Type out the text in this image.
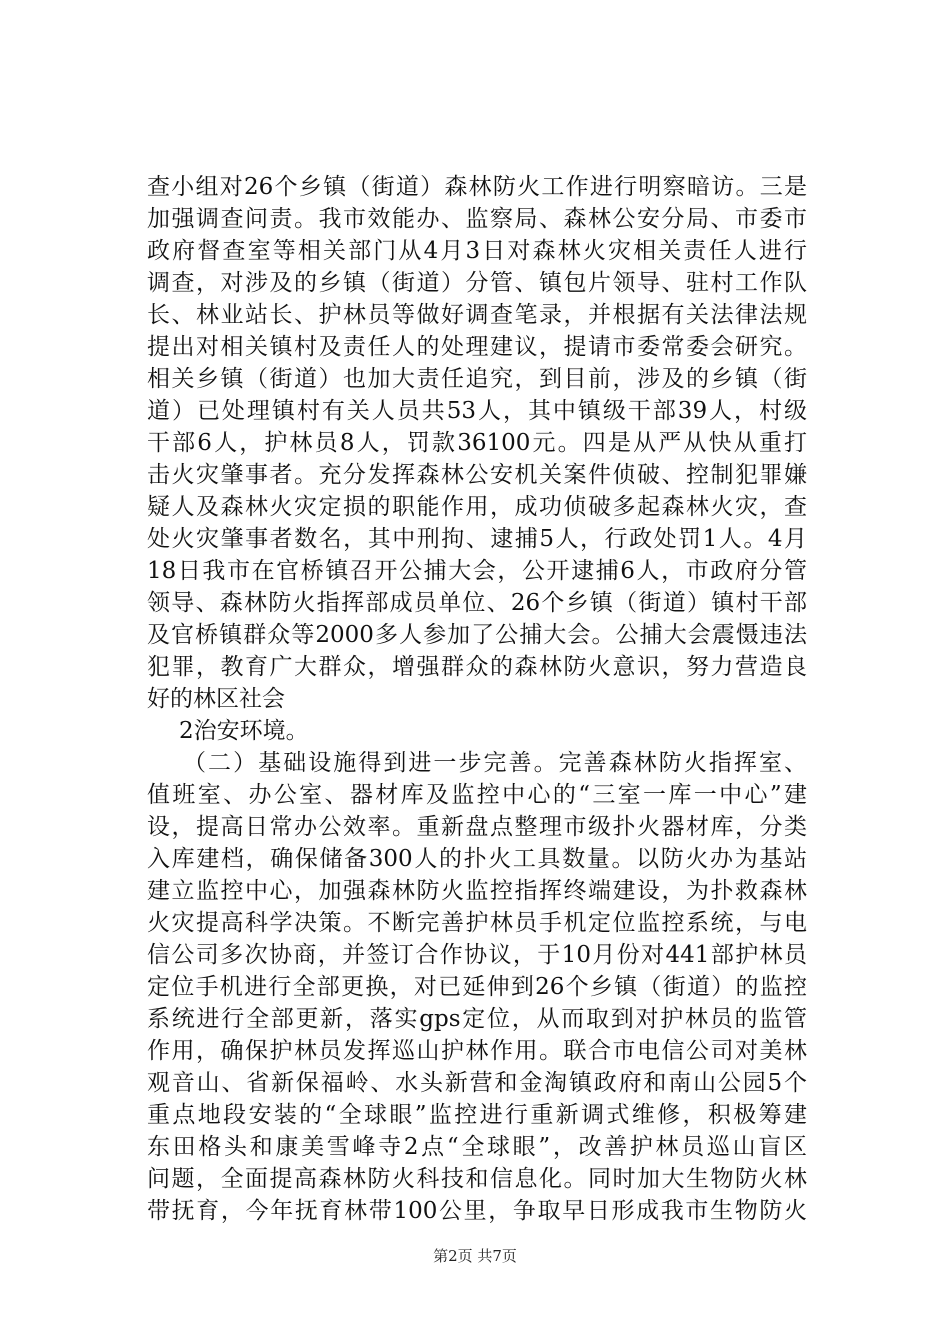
查小组对26个乡镇（街道）森林防火工作进行明察暗访。三是
加强调查问责。我市效能办、监察局、森林公安分局、市委市
政府督查室等相关部门从4月3日对森林火灾相关责任人进行
调查，对涉及的乡镇（街道）分管、镇包片领导、驻村工作队
长、林业站长、护林员等做好调查笔录，并根据有关法律法规
提出对相关镇村及责任人的处理建议，提请市委常委会研究。
相关乡镇（街道）也加大责任追究，到目前，涉及的乡镇（街
道）已处理镇村有关人员共53人，其中镇级干部39人，村级
干部6人，护林员8人，罚款36100元。四是从严从快从重打
击火灾肇事者。充分发挥森林公安机关案件侦破、控制犯罪嫌
疑人及森林火灾定损的职能作用，成功侦破多起森林火灾，查
处火灾肇事者数名，其中刑拘、逮捕5人，行政处罚1人。4月
18日我市在官桥镇召开公捕大会，公开逮捕6人，市政府分管
领导、森林防火指挥部成员单位、26个乡镇（街道）镇村干部
及官桥镇群众等2000多人参加了公捕大会。公捕大会震慑违法
犯罪，教育广大群众，增强群众的森林防火意识，努力营造良
好的林区社会
2治安环境。
（二）基础设施得到进一步完善。完善森林防火指挥室、
值班室、办公室、器材库及监控中心的“三室一库一中心”建
设，提高日常办公效率。重新盘点整理市级扑火器材库，分类
入库建档，确保储备300人的扑火工具数量。以防火办为基站
建立监控中心，加强森林防火监控指挥终端建设，为扑救森林
火灾提高科学决策。不断完善护林员手机定位监控系统，与电
信公司多次协商，并签订合作协议，于10月份对441部护林员
定位手机进行全部更换，对已延伸到26个乡镇（街道）的监控
系统进行全部更新，落实gps定位，从而取到对护林员的监管
作用，确保护林员发挥巡山护林作用。联合市电信公司对美林
观音山、省新保福岭、水头新营和金淘镇政府和南山公园5个
重点地段安装的“全球眼”监控进行重新调式维修，积极筹建
东田格头和康美雪峰寺2点“全球眼”，改善护林员巡山盲区
问题，全面提高森林防火科技和信息化。同时加大生物防火林
带抚育，今年抚育林带100公里，争取早日形成我市生物防火
第2页 共7页
